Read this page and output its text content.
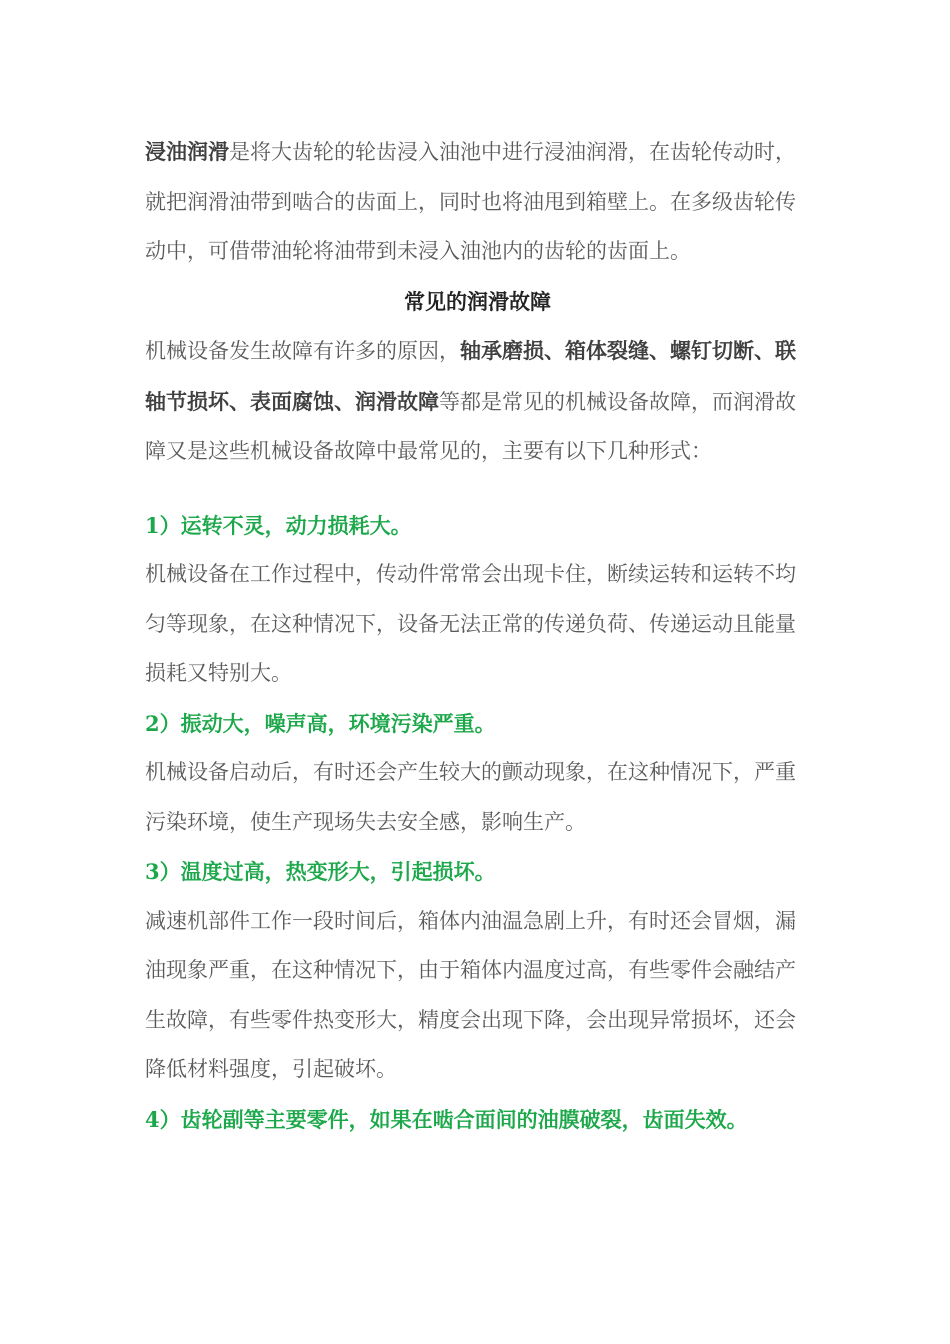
浸油润滑是将大齿轮的轮齿浸入油池中进行浸油润滑，在齿轮传动时，就把润滑油带到啮合的齿面上，同时也将油甩到箱壁上。在多级齿轮传动中，可借带油轮将油带到未浸入油池内的齿轮的齿面上。

常见的润滑故障

机械设备发生故障有许多的原因，轴承磨损、箱体裂缝、螺钉切断、联轴节损坏、表面腐蚀、润滑故障等都是常见的机械设备故障，而润滑故障又是这些机械设备故障中最常见的，主要有以下几种形式：

1）运转不灵，动力损耗大。

机械设备在工作过程中，传动件常常会出现卡住，断续运转和运转不均匀等现象，在这种情况下，设备无法正常的传递负荷、传递运动且能量损耗又特别大。

2）振动大，噪声高，环境污染严重。

机械设备启动后，有时还会产生较大的颤动现象，在这种情况下，严重污染环境，使生产现场失去安全感，影响生产。

3）温度过高，热变形大，引起损坏。

减速机部件工作一段时间后，箱体内油温急剧上升，有时还会冒烟，漏油现象严重，在这种情况下，由于箱体内温度过高，有些零件会融结产生故障，有些零件热变形大，精度会出现下降，会出现异常损坏，还会降低材料强度，引起破坏。

4）齿轮副等主要零件，如果在啮合面间的油膜破裂，齿面失效。
